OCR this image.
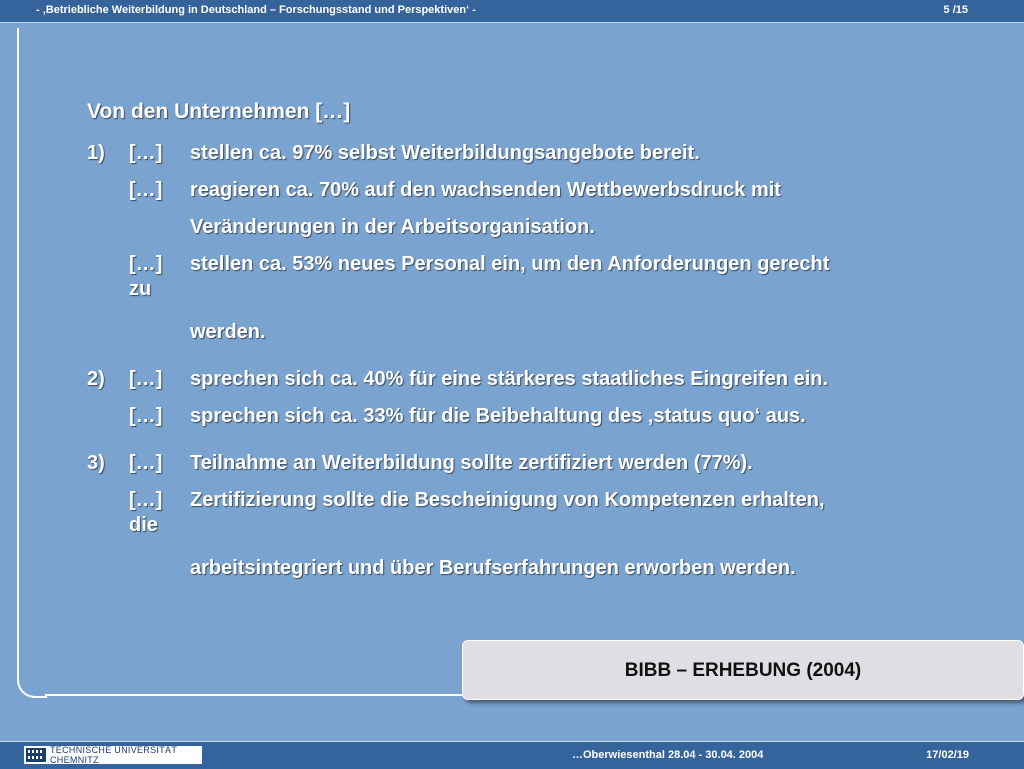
- ‚Betriebliche Weiterbildung in Deutschland – Forschungsstand und Perspektiven‘ -	5 /15
Von den Unternehmen […]
1) […] stellen ca. 97% selbst Weiterbildungsangebote bereit.
[…] reagieren ca. 70% auf den wachsenden Wettbewerbsdruck mit
Veränderungen in der Arbeitsorganisation.
[…] stellen ca. 53% neues Personal ein, um den Anforderungen gerecht
zu
werden.
2) […] sprechen sich ca. 40% für eine stärkeres staatliches Eingreifen ein.
[…] sprechen sich ca. 33% für die Beibehaltung des ‚status quo‘ aus.
3) […] Teilnahme an Weiterbildung sollte zertifiziert werden (77%).
[…] Zertifizierung sollte die Bescheinigung von Kompetenzen erhalten,
die
arbeitsintegriert und über Berufserfahrungen erworben werden.
BIBB – ERHEBUNG (2004)
TECHNISCHE UNIVERSITÄT CHEMNITZ	…Oberwiesenthal 28.04 - 30.04. 2004	17/02/19
